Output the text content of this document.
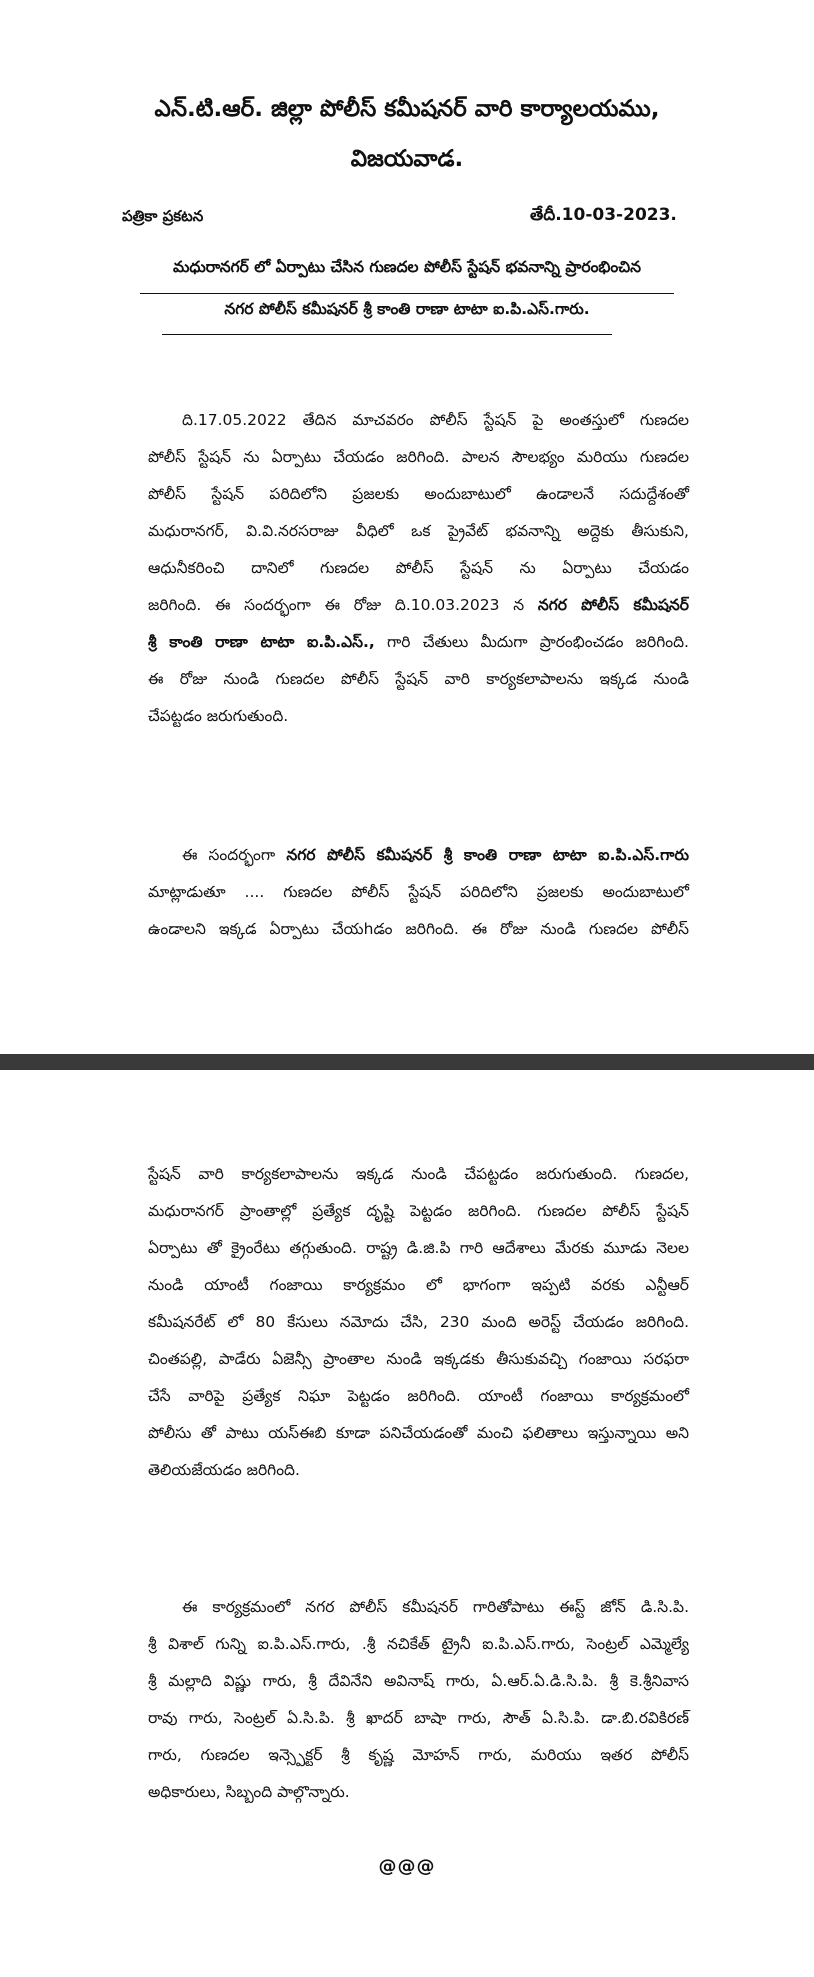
ఎన్.టి.ఆర్. జిల్లా పోలీస్ కమీషనర్ వారి కార్యాలయము,
విజయవాడ.
పత్రికా ప్రకటన	తేదీ.10-03-2023.
మధురానగర్ లో ఏర్పాటు చేసిన గుణదల పోలీస్ స్టేషన్ భవనాన్ని ప్రారంభించిన
నగర పోలీస్ కమీషనర్ శ్రీ కాంతి రాణా టాటా ఐ.పి.ఎస్.గారు.
ది.17.05.2022 తేదిన మాచవరం పోలీస్ స్టేషన్ పై అంతస్తులో గుణదల
పోలీస్ స్టేషన్ ను ఏర్పాటు చేయడం జరిగింది. పాలన సౌలభ్యం మరియు గుణదల
పోలీస్ స్టేషన్ పరిదిలోని ప్రజలకు అందుబాటులో ఉండాలనే సదుద్దేశంతో
మధురానగర్, వి.వి.నరసరాజు వీధిలో ఒక ప్రైవేట్ భవనాన్ని అద్దెకు తీసుకుని,
ఆధునీకరించి దానిలో గుణదల పోలీస్ స్టేషన్ ను ఏర్పాటు చేయడం
జరిగింది. ఈ సందర్భంగా ఈ రోజు ది.10.03.2023 న నగర పోలీస్ కమీషనర్
శ్రీ కాంతి రాణా టాటా ఐ.పి.ఎస్., గారి చేతులు మీదుగా ప్రారంభించడం జరిగింది.
ఈ రోజు నుండి గుణదల పోలీస్ స్టేషన్ వారి కార్యకలాపాలను ఇక్కడ నుండి
చేపట్టడం జరుగుతుంది.
ఈ సందర్భంగా నగర పోలీస్ కమీషనర్ శ్రీ కాంతి రాణా టాటా ఐ.పి.ఎస్.గారు
మాట్లాడుతూ .... గుణదల పోలీస్ స్టేషన్ పరిదిలోని ప్రజలకు అందుబాటులో
ఉండాలని ఇక్కడ ఏర్పాటు చేయhడం జరిగింది. ఈ రోజు నుండి గుణదల పోలీస్
స్టేషన్ వారి కార్యకలాపాలను ఇక్కడ నుండి చేపట్టడం జరుగుతుంది. గుణదల,
మధురానగర్ ప్రాంతాల్లో ప్రత్యేక దృష్టి పెట్టడం జరిగింది. గుణదల పోలీస్ స్టేషన్
ఏర్పాటు తో క్రైంరేటు తగ్గుతుంది. రాష్ట్ర డి.జి.పి గారి ఆదేశాలు మేరకు మూడు నెలల
నుండి యాంటీ గంజాయి కార్యక్రమం లో భాగంగా ఇప్పటి వరకు ఎన్టీఆర్
కమీషనరేట్ లో 80 కేసులు నమోదు చేసి, 230 మంది అరెస్ట్ చేయడం జరిగింది.
చింతపల్లి, పాడేరు ఏజెన్సీ ప్రాంతాల నుండి ఇక్కడకు తీసుకువచ్చి గంజాయి సరఫరా
చేసే వారిపై ప్రత్యేక నిఘా పెట్టడం జరిగింది. యాంటీ గంజాయి కార్యక్రమంలో
పోలీసు తో పాటు యస్ఈబి కూడా పనిచేయడంతో మంచి ఫలితాలు ఇస్తున్నాయి అని
తెలియజేయడం జరిగింది.
ఈ కార్యక్రమంలో నగర పోలీస్ కమీషనర్ గారితోపాటు ఈస్ట్ జోన్ డి.సి.పి.
శ్రీ విశాల్ గున్ని ఐ.పి.ఎస్.గారు, .శ్రీ నచికేత్ ట్రైనీ ఐ.పి.ఎస్.గారు, సెంట్రల్ ఎమ్మెల్యే
శ్రీ మల్లాది విష్ణు గారు, శ్రీ దేవినేని అవినాష్ గారు, ఏ.ఆర్.ఏ.డి.సి.పి. శ్రీ కె.శ్రీనివాస
రావు గారు, సెంట్రల్ ఏ.సి.పి. శ్రీ ఖాదర్ బాషా గారు, సౌత్ ఏ.సి.పి. డా.బి.రవికిరణ్
గారు, గుణదల ఇన్స్పెక్టర్ శ్రీ కృష్ణ మోహన్ గారు, మరియు ఇతర పోలీస్
అధికారులు, సిబ్బంది పాల్గొన్నారు.
@@@
